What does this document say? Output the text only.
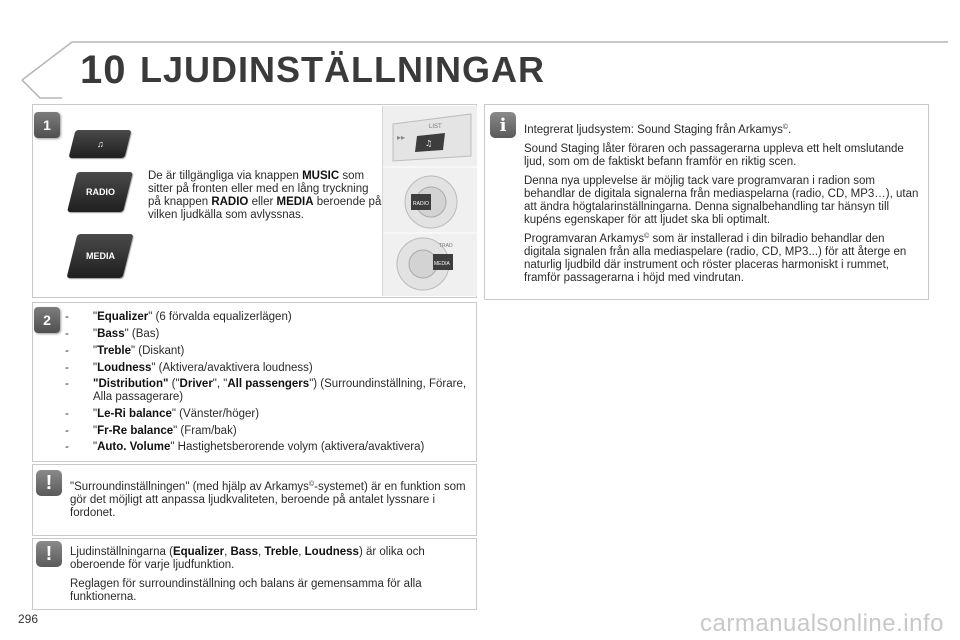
10 LJUDINSTÄLLNINGAR
1
♫
RADIO
MEDIA
De är tillgängliga via knappen MUSIC som sitter på fronten eller med en lång tryckning på knappen RADIO eller MEDIA beroende på vilken ljudkälla som avlyssnas.
LIST
♫
▸▸
RADIO
MEDIA
TRAD
2	- "Equalizer" (6 förvalda equalizerlägen)
- "Bass" (Bas)
- "Treble" (Diskant)
- "Loudness" (Aktivera/avaktivera loudness)
- "Distribution" ("Driver", "All passengers") (Surroundinställning, Förare, Alla passagerare)
- "Le-Ri balance" (Vänster/höger)
- "Fr-Re balance" (Fram/bak)
- "Auto. Volume" Hastighetsberorende volym (aktivera/avaktivera)
!	"Surroundinställningen" (med hjälp av Arkamys©-systemet) är en funktion som gör det möjligt att anpassa ljudkvaliteten, beroende på antalet lyssnare i fordonet.
!	Ljudinställningarna (Equalizer, Bass, Treble, Loudness) är olika och oberoende för varje ljudfunktion.

Reglagen för surroundinställning och balans är gemensamma för alla funktionerna.

i	Integrerat ljudsystem: Sound Staging från Arkamys©.

Sound Staging låter föraren och passagerarna uppleva ett helt omslutande ljud, som om de faktiskt befann framför en riktig scen.

Denna nya upplevelse är möjlig tack vare programvaran i radion som behandlar de digitala signalerna från mediaspelarna (radio, CD, MP3…), utan att ändra högtalarinställningarna. Denna signalbehandling tar hänsyn till kupéns egenskaper för att ljudet ska bli optimalt.

Programvaran Arkamys© som är installerad i din bilradio behandlar den digitala signalen från alla mediaspelare (radio, CD, MP3...) för att återge en naturlig ljudbild där instrument och röster placeras harmoniskt i rummet, framför passagerarna i höjd med vindrutan.

296	carmanualsonline.info
